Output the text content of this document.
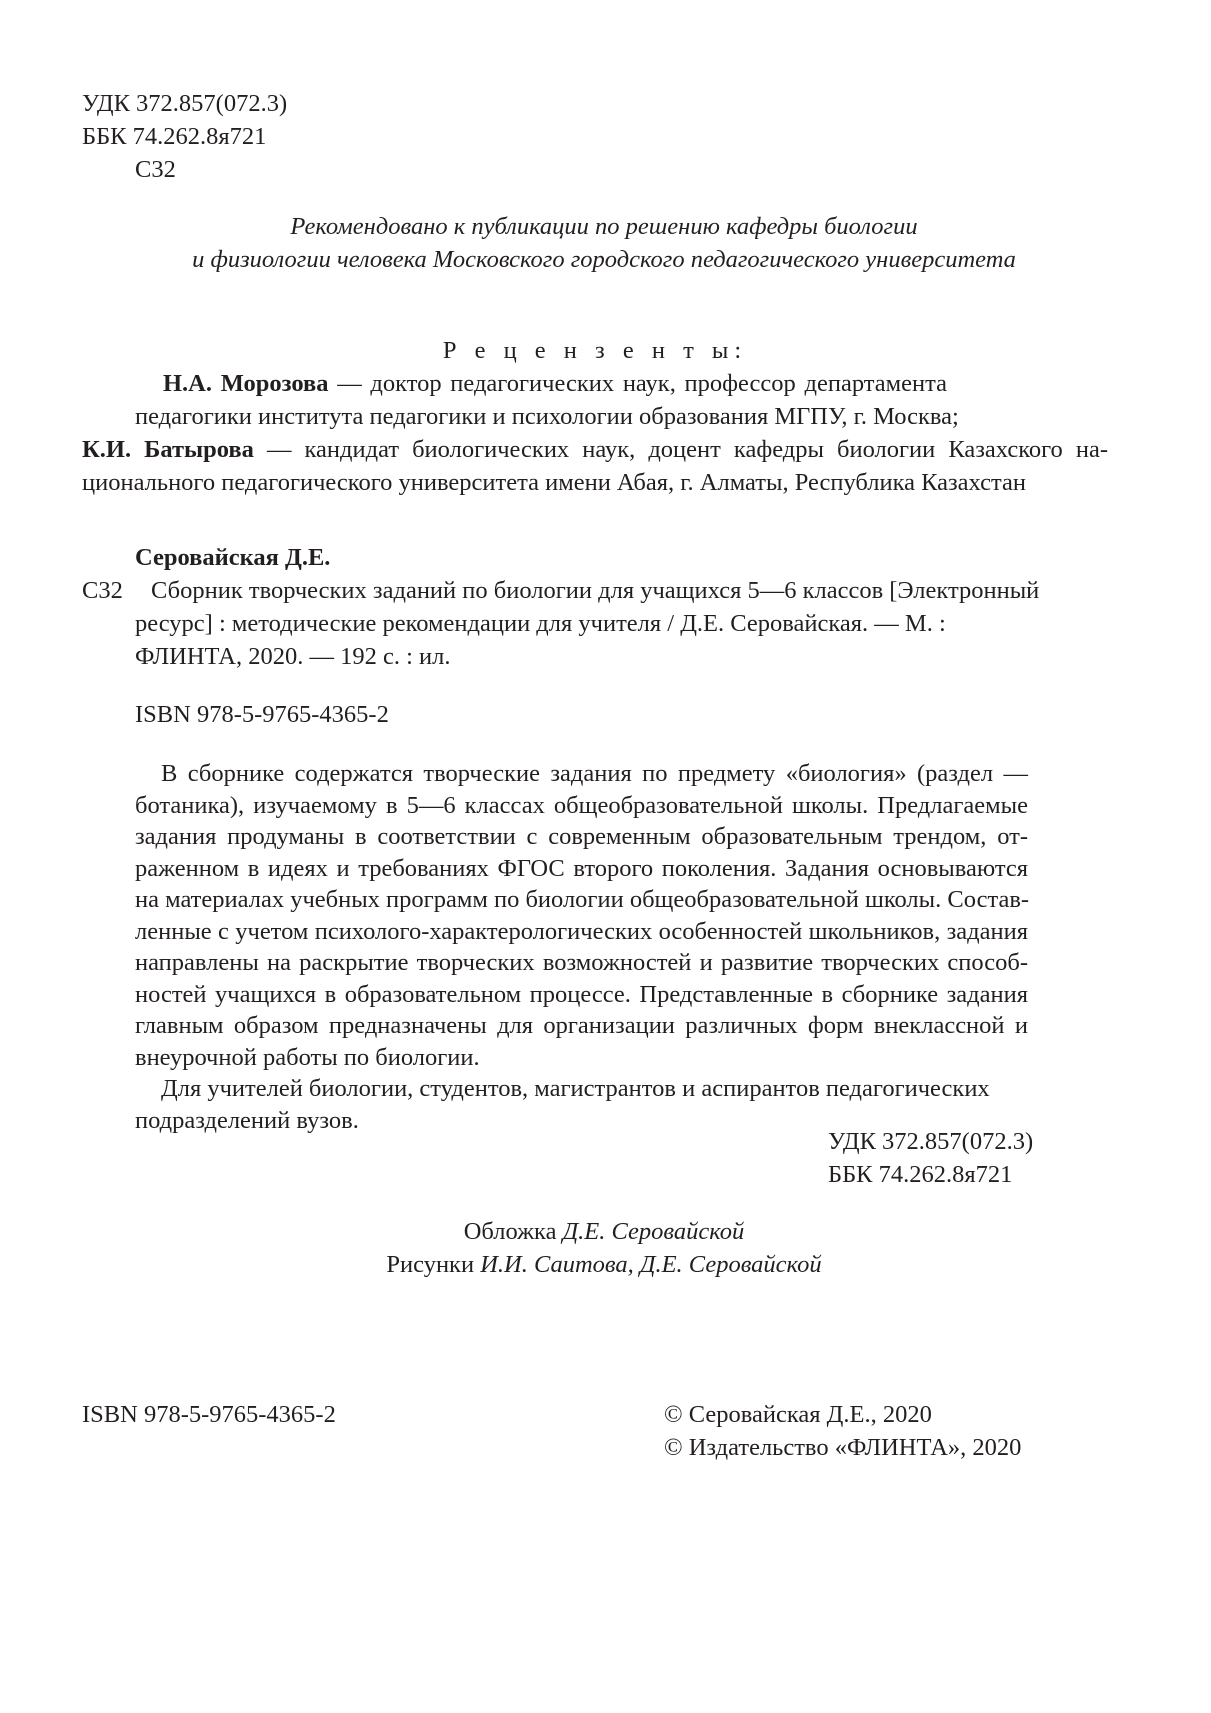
УДК 372.857(072.3)
ББК 74.262.8я721
С32
Рекомендовано к публикации по решению кафедры биологии
и физиологии человека Московского городского педагогического университета
Р е ц е н з е н т ы:
Н.А. Морозова — доктор педагогических наук, профессор департамента
педагогики института педагогики и психологии образования МГПУ, г. Москва;
К.И. Батырова — кандидат биологических наук, доцент кафедры биологии Казахского на-
ционального педагогического университета имени Абая, г. Алматы, Республика Казахстан
Серовайская Д.Е.
С32	Сборник творческих заданий по биологии для учащихся 5—6 классов [Электронный
ресурс] : методические рекомендации для учителя / Д.Е. Серовайская. — М. :
ФЛИНТА, 2020. — 192 с. : ил.
ISBN 978-5-9765-4365-2
В сборнике содержатся творческие задания по предмету «биология» (раздел —
ботаника), изучаемому в 5—6 классах общеобразовательной школы. Предлагаемые
задания продуманы в соответствии с современным образовательным трендом, от-
раженном в идеях и требованиях ФГОС второго поколения. Задания основываются
на материалах учебных программ по биологии общеобразовательной школы. Состав-
ленные с учетом психолого-характерологических особенностей школьников, задания
направлены на раскрытие творческих возможностей и развитие творческих способ-
ностей учащихся в образовательном процессе. Представленные в сборнике задания
главным образом предназначены для организации различных форм внеклассной и
внеурочной работы по биологии.
Для учителей биологии, студентов, магистрантов и аспирантов педагогических
подразделений вузов.
УДК 372.857(072.3)
ББК 74.262.8я721
Обложка Д.Е. Серовайской
Рисунки И.И. Саитова, Д.Е. Серовайской
ISBN 978-5-9765-4365-2	© Серовайская Д.Е., 2020
© Издательство «ФЛИНТА», 2020
